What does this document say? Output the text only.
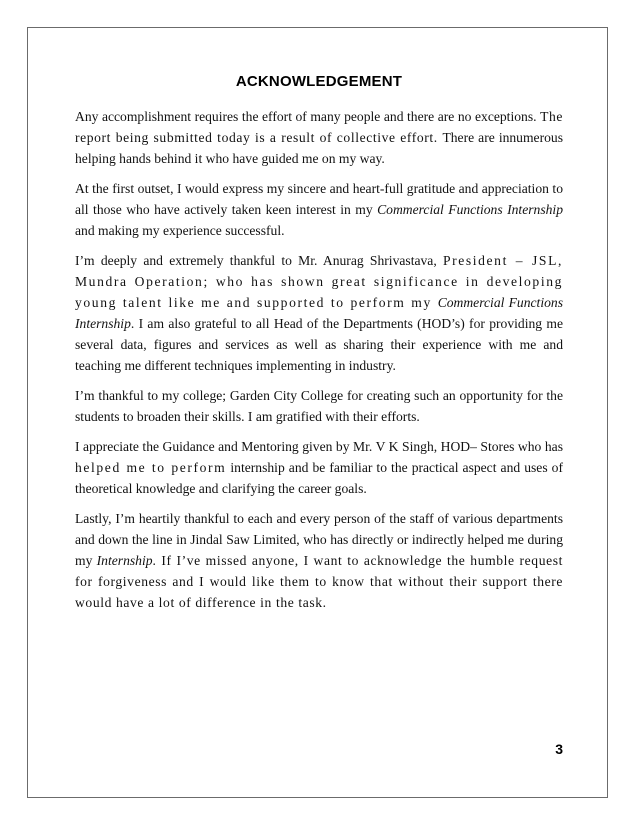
ACKNOWLEDGEMENT

Any accomplishment requires the effort of many people and there are no exceptions. The report being submitted today is a result of collective effort. There are innumerous helping hands behind it who have guided me on my way.

At the first outset, I would express my sincere and heart-full gratitude and appreciation to all those who have actively taken keen interest in my Commercial Functions Internship and making my experience successful.

I’m deeply and extremely thankful to Mr. Anurag Shrivastava, President – JSL, Mundra Operation; who has shown great significance in developing young talent like me and supported to perform my Commercial Functions Internship. I am also grateful to all Head of the Departments (HOD’s) for providing me several data, figures and services as well as sharing their experience with me and teaching me different techniques implementing in industry.

I’m thankful to my college; Garden City College for creating such an opportunity for the students to broaden their skills. I am gratified with their efforts.

I appreciate the Guidance and Mentoring given by Mr. V K Singh, HOD– Stores who has helped me to perform internship and be familiar to the practical aspect and uses of theoretical knowledge and clarifying the career goals.

Lastly, I’m heartily thankful to each and every person of the staff of various departments and down the line in Jindal Saw Limited, who has directly or indirectly helped me during my Internship. If I’ve missed anyone, I want to acknowledge the humble request for forgiveness and I would like them to know that without their support there would have a lot of difference in the task.

3
